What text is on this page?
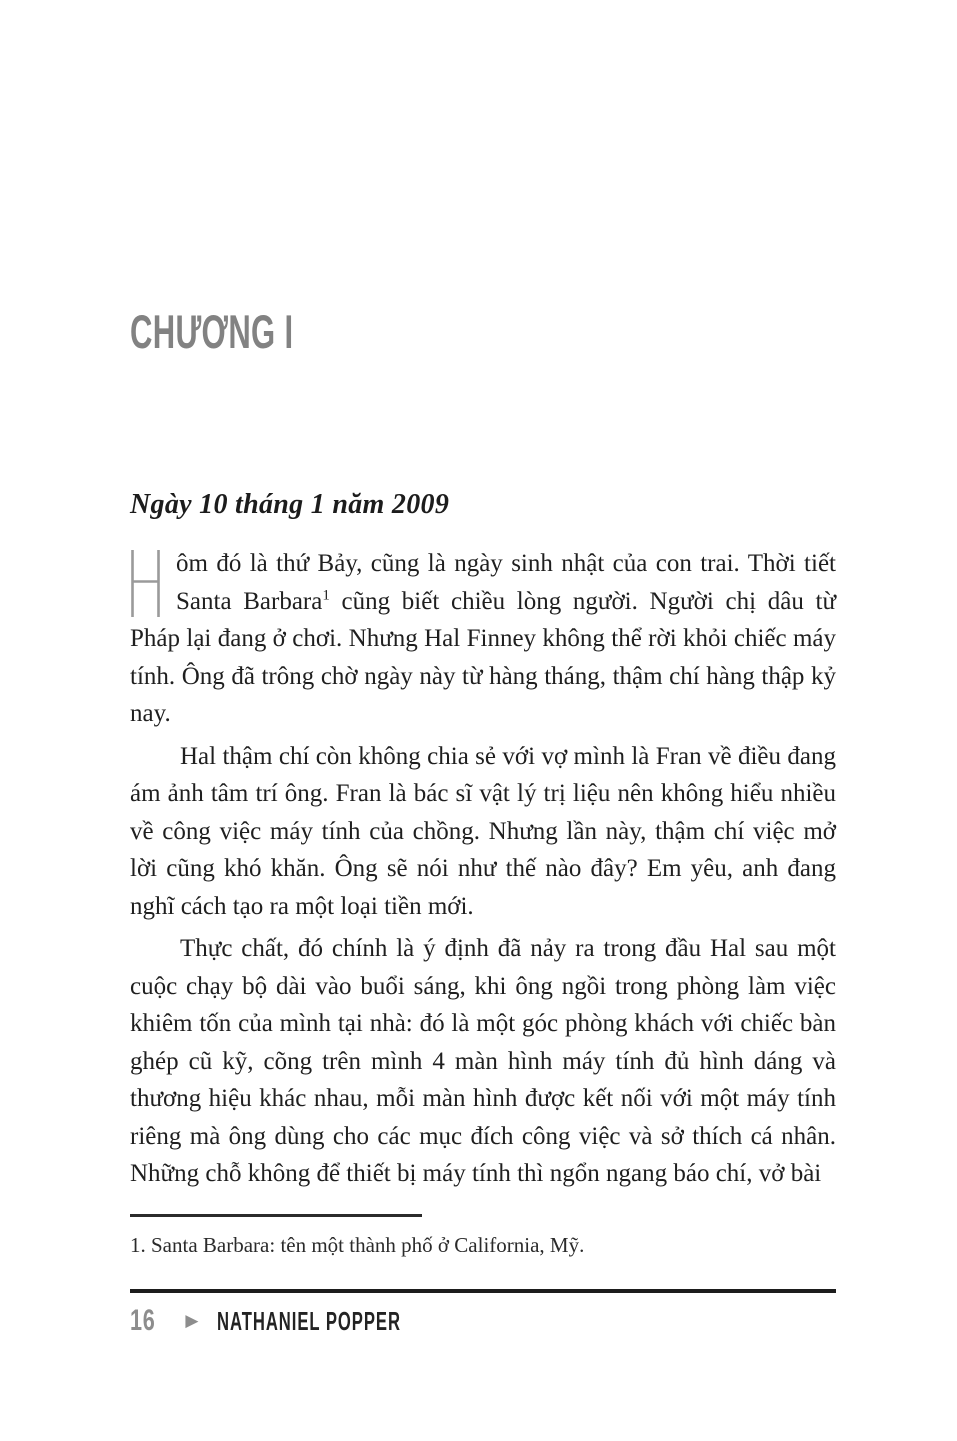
CHƯƠNG I

Ngày 10 tháng 1 năm 2009

ôm đó là thứ Bảy, cũng là ngày sinh nhật của con trai. Thời tiết Santa Barbara$^1$ cũng biết chiều lòng người. Người chị dâu từ Pháp lại đang ở chơi. Nhưng Hal Finney không thể rời khỏi chiếc máy tính. Ông đã trông chờ ngày này từ hàng tháng, thậm chí hàng thập kỷ nay.

Hal thậm chí còn không chia sẻ với vợ mình là Fran về điều đang ám ảnh tâm trí ông. Fran là bác sĩ vật lý trị liệu nên không hiểu nhiều về công việc máy tính của chồng. Nhưng lần này, thậm chí việc mở lời cũng khó khăn. Ông sẽ nói như thế nào đây? Em yêu, anh đang nghĩ cách tạo ra một loại tiền mới.

Thực chất, đó chính là ý định đã nảy ra trong đầu Hal sau một cuộc chạy bộ dài vào buổi sáng, khi ông ngồi trong phòng làm việc khiêm tốn của mình tại nhà: đó là một góc phòng khách với chiếc bàn ghép cũ kỹ, cõng trên mình 4 màn hình máy tính đủ hình dáng và thương hiệu khác nhau, mỗi màn hình được kết nối với một máy tính riêng mà ông dùng cho các mục đích công việc và sở thích cá nhân. Những chỗ không để thiết bị máy tính thì ngổn ngang báo chí, vở bài

1. Santa Barbara: tên một thành phố ở California, Mỹ.

16 ▶ NATHANIEL POPPER
